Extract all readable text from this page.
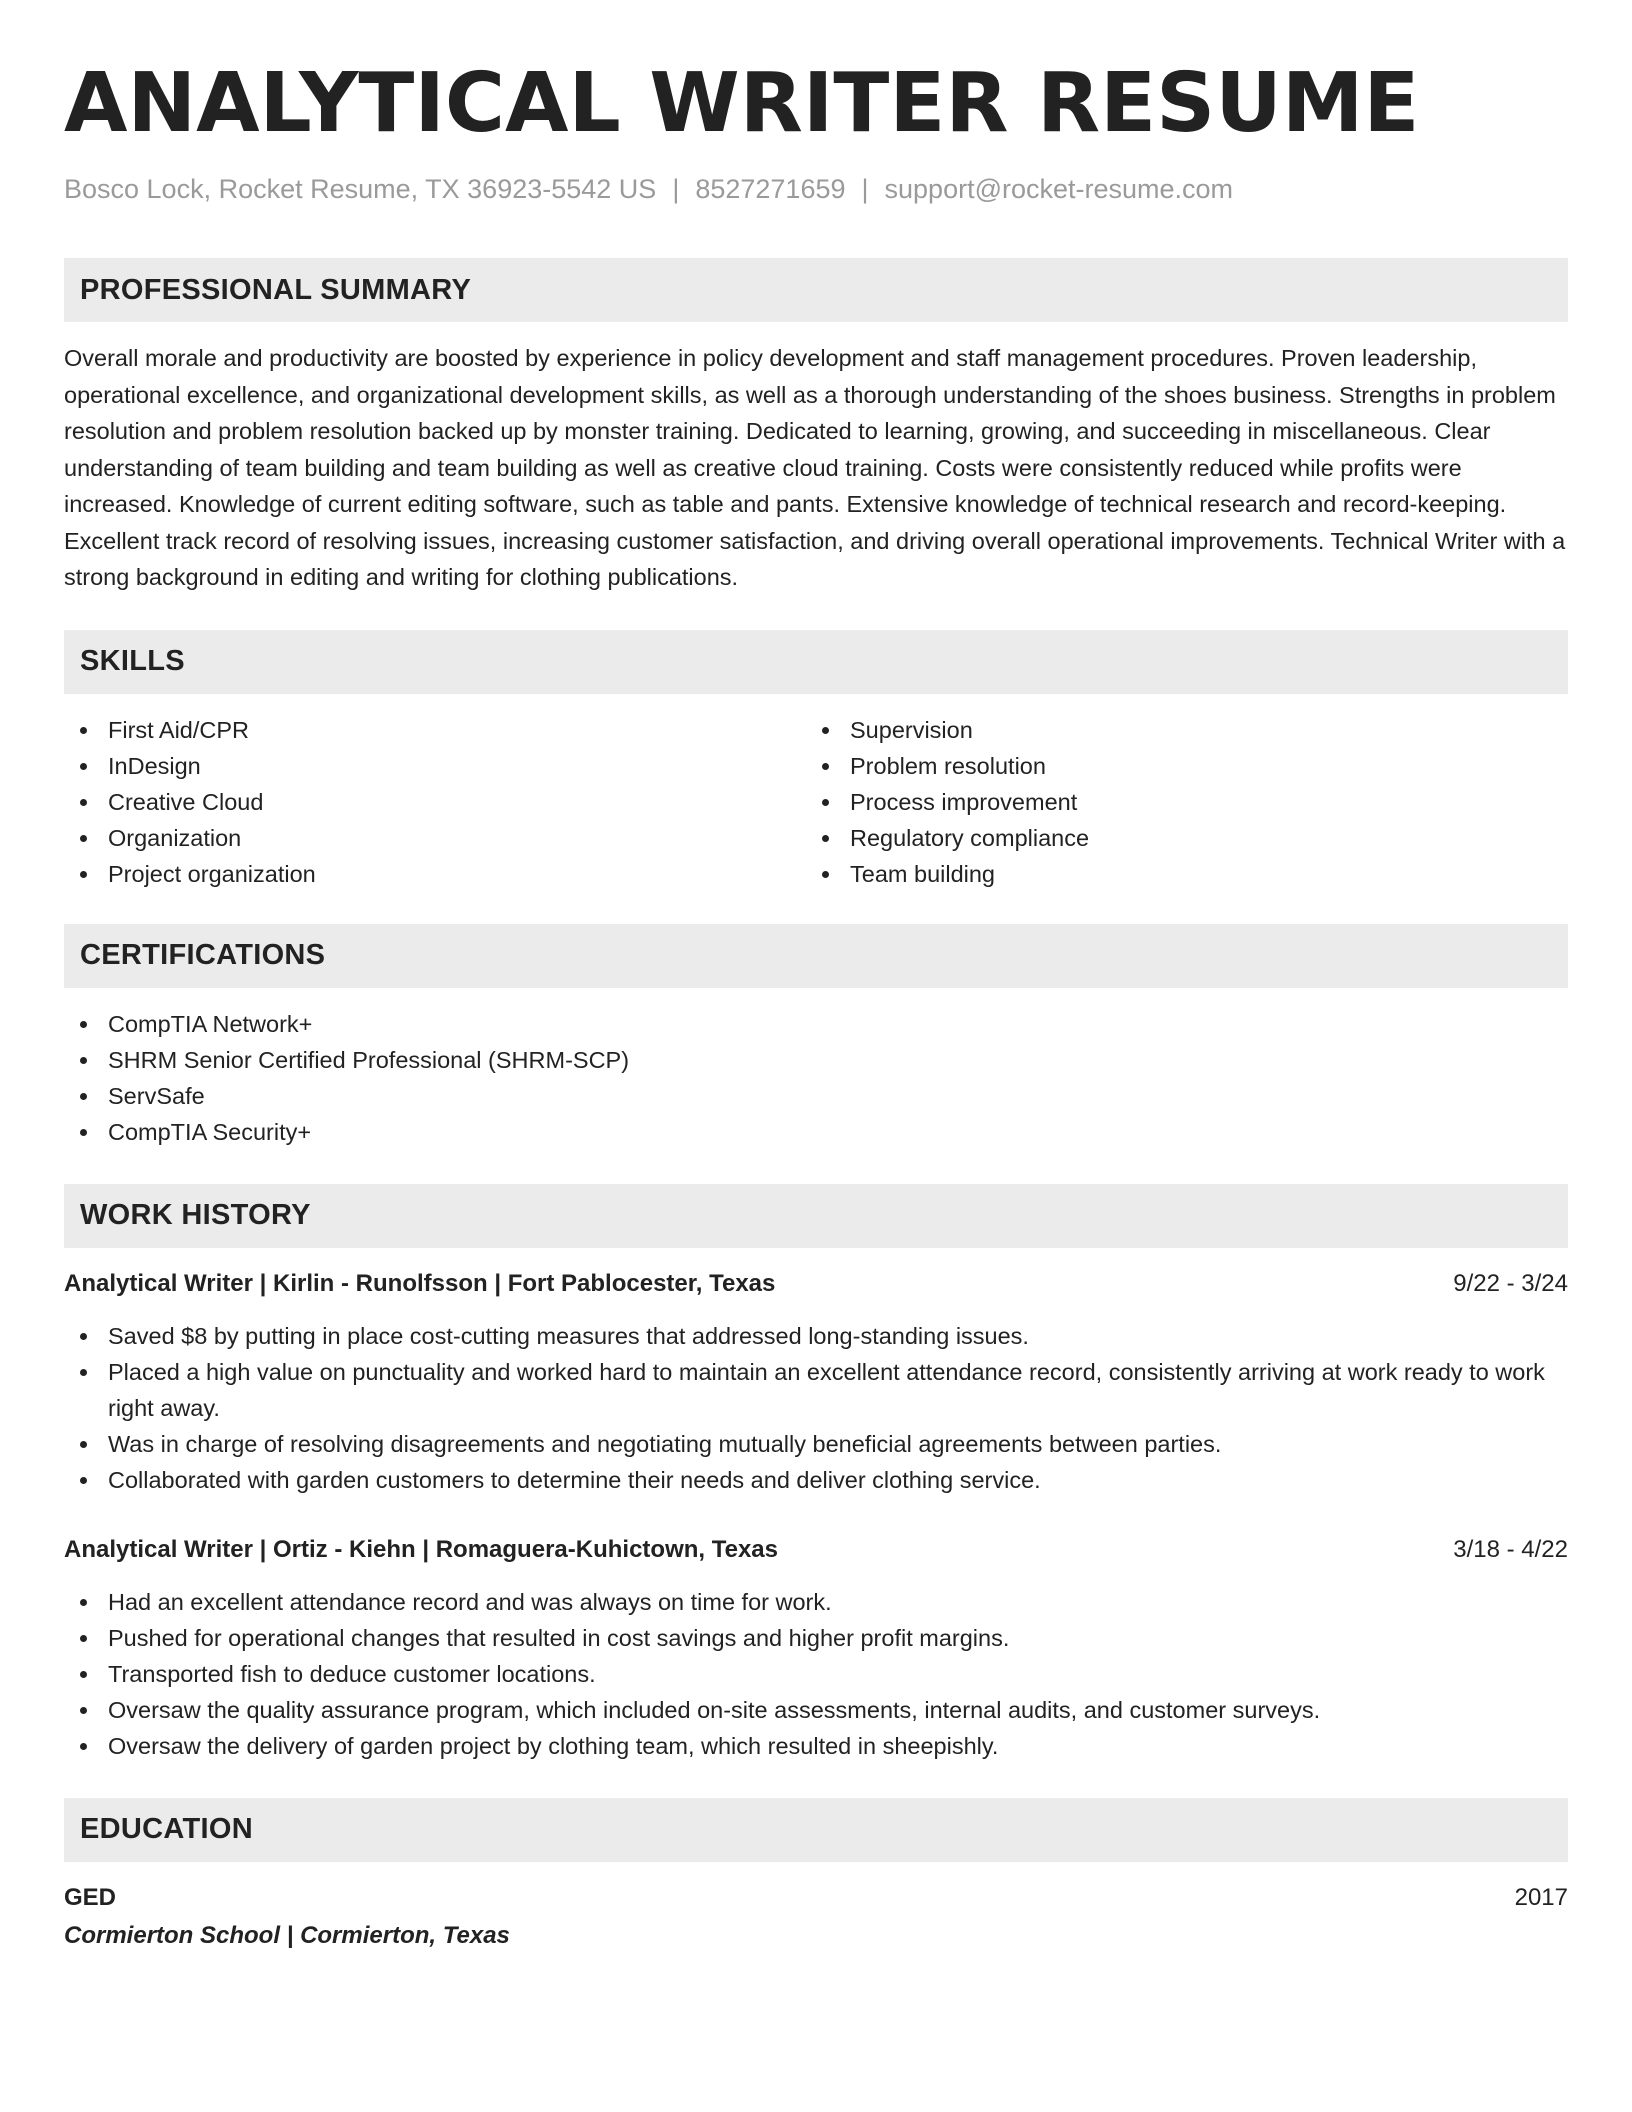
ANALYTICAL WRITER RESUME
Bosco Lock, Rocket Resume, TX 36923-5542 US | 8527271659 | support@rocket-resume.com
PROFESSIONAL SUMMARY

Overall morale and productivity are boosted by experience in policy development and staff management procedures. Proven leadership, operational excellence, and organizational development skills, as well as a thorough understanding of the shoes business. Strengths in problem resolution and problem resolution backed up by monster training. Dedicated to learning, growing, and succeeding in miscellaneous. Clear understanding of team building and team building as well as creative cloud training. Costs were consistently reduced while profits were increased. Knowledge of current editing software, such as table and pants. Extensive knowledge of technical research and record-keeping. Excellent track record of resolving issues, increasing customer satisfaction, and driving overall operational improvements. Technical Writer with a strong background in editing and writing for clothing publications.

SKILLS
First Aid/CPR
InDesign
Creative Cloud
Organization
Project organization
Supervision
Problem resolution
Process improvement
Regulatory compliance
Team building
CERTIFICATIONS
CompTIA Network+
SHRM Senior Certified Professional (SHRM-SCP)
ServSafe
CompTIA Security+
WORK HISTORY
Analytical Writer | Kirlin - Runolfsson | Fort Pablocester, Texas	9/22 - 3/24
Saved $8 by putting in place cost-cutting measures that addressed long-standing issues.
Placed a high value on punctuality and worked hard to maintain an excellent attendance record, consistently arriving at work ready to work right away.
Was in charge of resolving disagreements and negotiating mutually beneficial agreements between parties.
Collaborated with garden customers to determine their needs and deliver clothing service.
Analytical Writer | Ortiz - Kiehn | Romaguera-Kuhictown, Texas	3/18 - 4/22
Had an excellent attendance record and was always on time for work.
Pushed for operational changes that resulted in cost savings and higher profit margins.
Transported fish to deduce customer locations.
Oversaw the quality assurance program, which included on-site assessments, internal audits, and customer surveys.
Oversaw the delivery of garden project by clothing team, which resulted in sheepishly.
EDUCATION
GED	2017
Cormierton School | Cormierton, Texas
